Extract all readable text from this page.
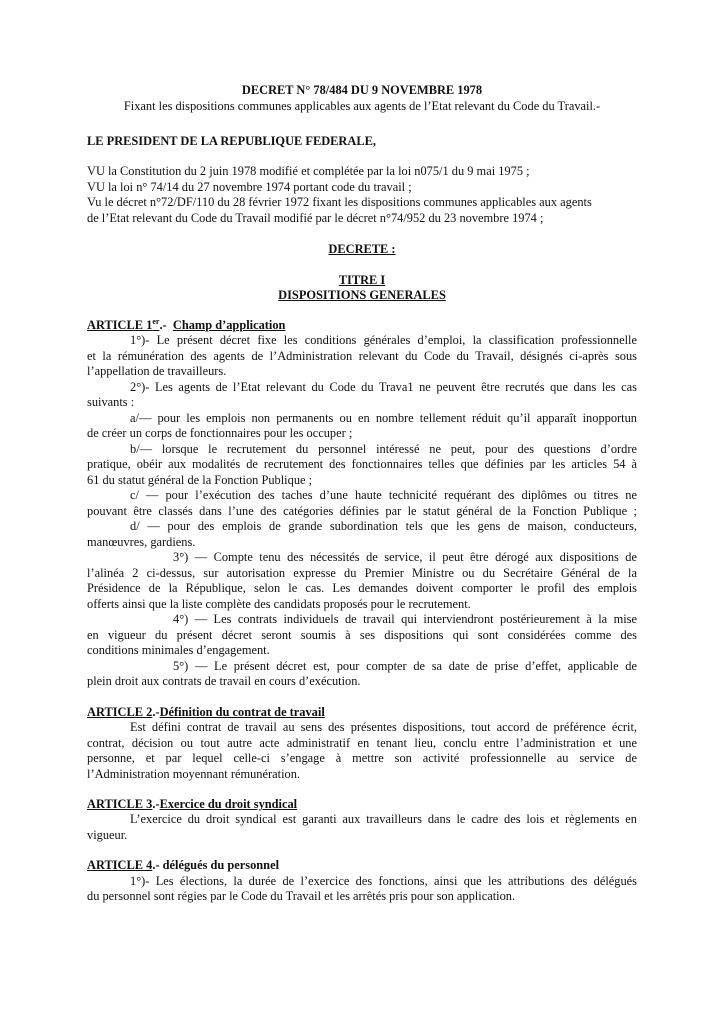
DECRET N° 78/484 DU 9 NOVEMBRE 1978
Fixant les dispositions communes applicables aux agents de l’Etat relevant du Code du Travail.-
LE PRESIDENT DE LA REPUBLIQUE FEDERALE,
VU la Constitution du 2 juin 1978 modifié et complétée par la loi n075/1 du 9 mai 1975 ;
VU la loi n° 74/14 du 27 novembre 1974 portant code du travail ;
Vu le décret n°72/DF/110 du 28 février 1972 fixant les dispositions communes applicables aux agents
de l’Etat relevant du Code du Travail modifié par le décret n°74/952 du 23 novembre 1974 ;
DECRETE :
TITRE I
DISPOSITIONS GENERALES
ARTICLE 1er.- Champ d’application
1°)- Le présent décret fixe les conditions générales d’emploi, la classification professionnelle
et la rémunération des agents de l’Administration relevant du Code du Travail, désignés ci-après sous
l’appellation de travailleurs.
2°)- Les agents de l’Etat relevant du Code du Trava1 ne peuvent être recrutés que dans les cas
suivants :
a/— pour les emplois non permanents ou en nombre tellement réduit qu’il apparaît inopportun
de créer un corps de fonctionnaires pour les occuper ;
b/— lorsque le recrutement du personnel intéressé ne peut, pour des questions d’ordre
pratique, obéir aux modalités de recrutement des fonctionnaires telles que définies par les articles 54 à
61 du statut général de la Fonction Publique ;
c/ — pour l’exécution des taches d’une haute technicité requérant des diplômes ou titres ne
pouvant être classés dans l’une des catégories définies par le statut général de la Fonction Publique ;
d/ — pour des emplois de grande subordination tels que les gens de maison, conducteurs,
manœuvres, gardiens.
3°) — Compte tenu des nécessités de service, il peut être dérogé aux dispositions de
l’alinéa 2 ci-dessus, sur autorisation expresse du Premier Ministre ou du Secrétaire Général de la
Présidence de la République, selon le cas. Les demandes doivent comporter le profil des emplois
offerts ainsi que la liste complète des candidats proposés pour le recrutement.
4°) — Les contrats individuels de travail qui interviendront postérieurement à la mise
en vigueur du présent décret seront soumis à ses dispositions qui sont considérées comme des
conditions minimales d’engagement.
5°) — Le présent décret est, pour compter de sa date de prise d’effet, applicable de
plein droit aux contrats de travail en cours d’exécution.
ARTICLE 2.-Définition du contrat de travail
Est défini contrat de travail au sens des présentes dispositions, tout accord de préférence écrit,
contrat, décision ou tout autre acte administratif en tenant lieu, conclu entre l’administration et une
personne, et par lequel celle-ci s’engage à mettre son activité professionnelle au service de
l’Administration moyennant rémunération.
ARTICLE 3.-Exercice du droit syndical
L’exercice du droit syndical est garanti aux travailleurs dans le cadre des lois et règlements en
vigueur.
ARTICLE 4.- délégués du personnel
1°)- Les élections, la durée de l’exercice des fonctions, ainsi que les attributions des délégués
du personnel sont régies par le Code du Travail et les arrêtés pris pour son application.
